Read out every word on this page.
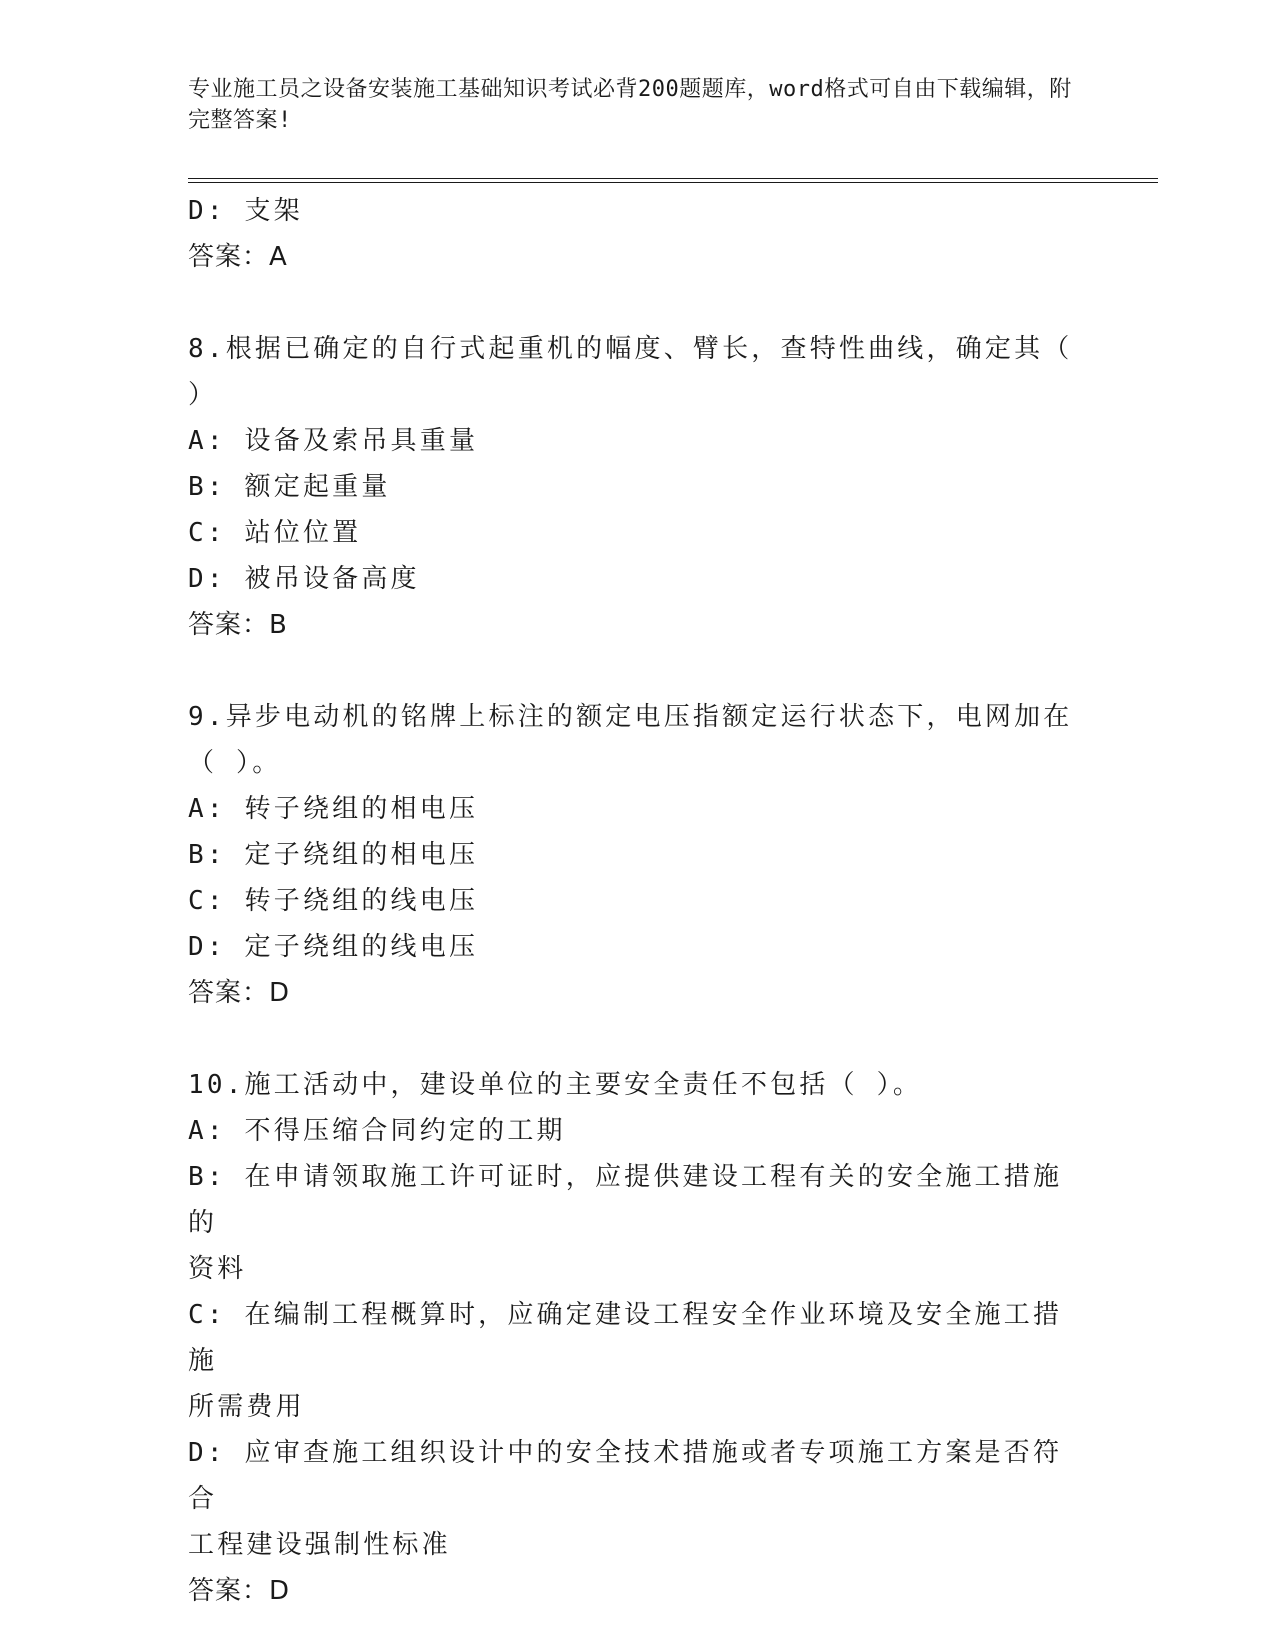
专业施工员之设备安装施工基础知识考试必背200题题库，word格式可自由下载编辑，附完整答案!
D: 支架
答案：A
8.根据已确定的自行式起重机的幅度、臂长，查特性曲线，确定其（
）
A: 设备及索吊具重量
B: 额定起重量
C: 站位位置
D: 被吊设备高度
答案：B
9.异步电动机的铭牌上标注的额定电压指额定运行状态下，电网加在
（ ）。
A: 转子绕组的相电压
B: 定子绕组的相电压
C: 转子绕组的线电压
D: 定子绕组的线电压
答案：D
10.施工活动中，建设单位的主要安全责任不包括（ ）。
A: 不得压缩合同约定的工期
B: 在申请领取施工许可证时，应提供建设工程有关的安全施工措施的
资料
C: 在编制工程概算时，应确定建设工程安全作业环境及安全施工措施
所需费用
D: 应审查施工组织设计中的安全技术措施或者专项施工方案是否符合
工程建设强制性标准
答案：D
